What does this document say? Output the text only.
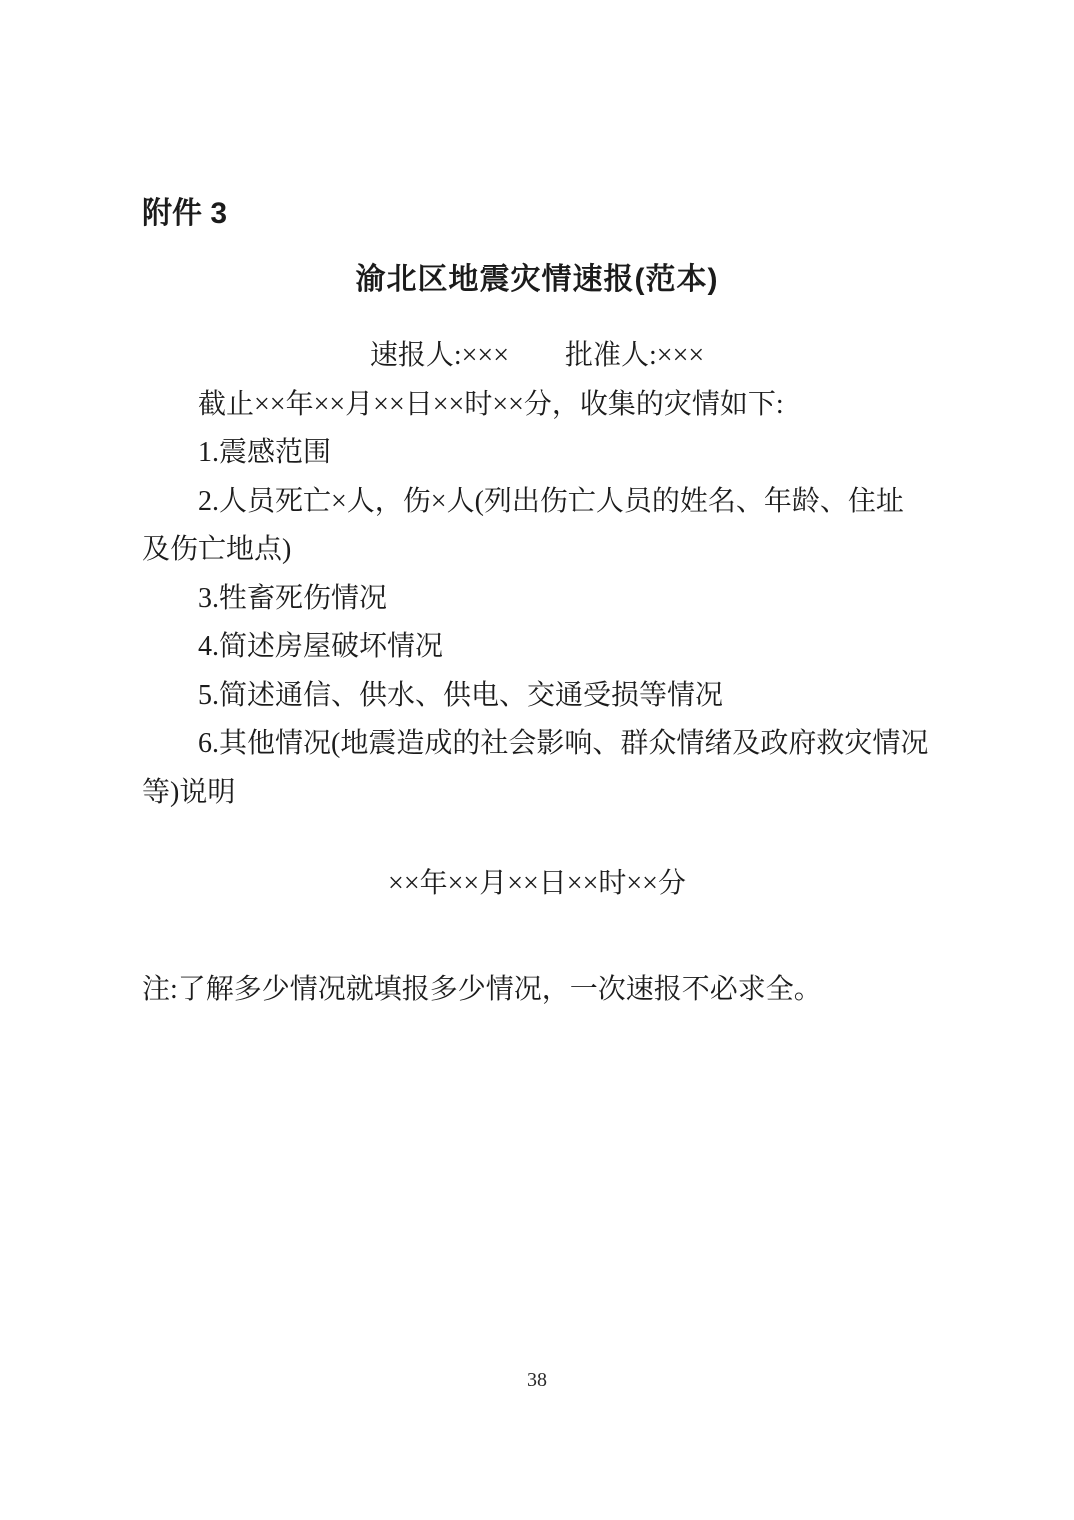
附件 3
渝北区地震灾情速报(范本)

速报人:×××　　批准人:×××

截止××年××月××日××时××分，收集的灾情如下:

1.震感范围

2.人员死亡×人，伤×人(列出伤亡人员的姓名、年龄、住址

及伤亡地点)

3.牲畜死伤情况

4.简述房屋破坏情况

5.简述通信、供水、供电、交通受损等情况

6.其他情况(地震造成的社会影响、群众情绪及政府救灾情况

等)说明

××年××月××日××时××分

注:了解多少情况就填报多少情况，一次速报不必求全。

38
